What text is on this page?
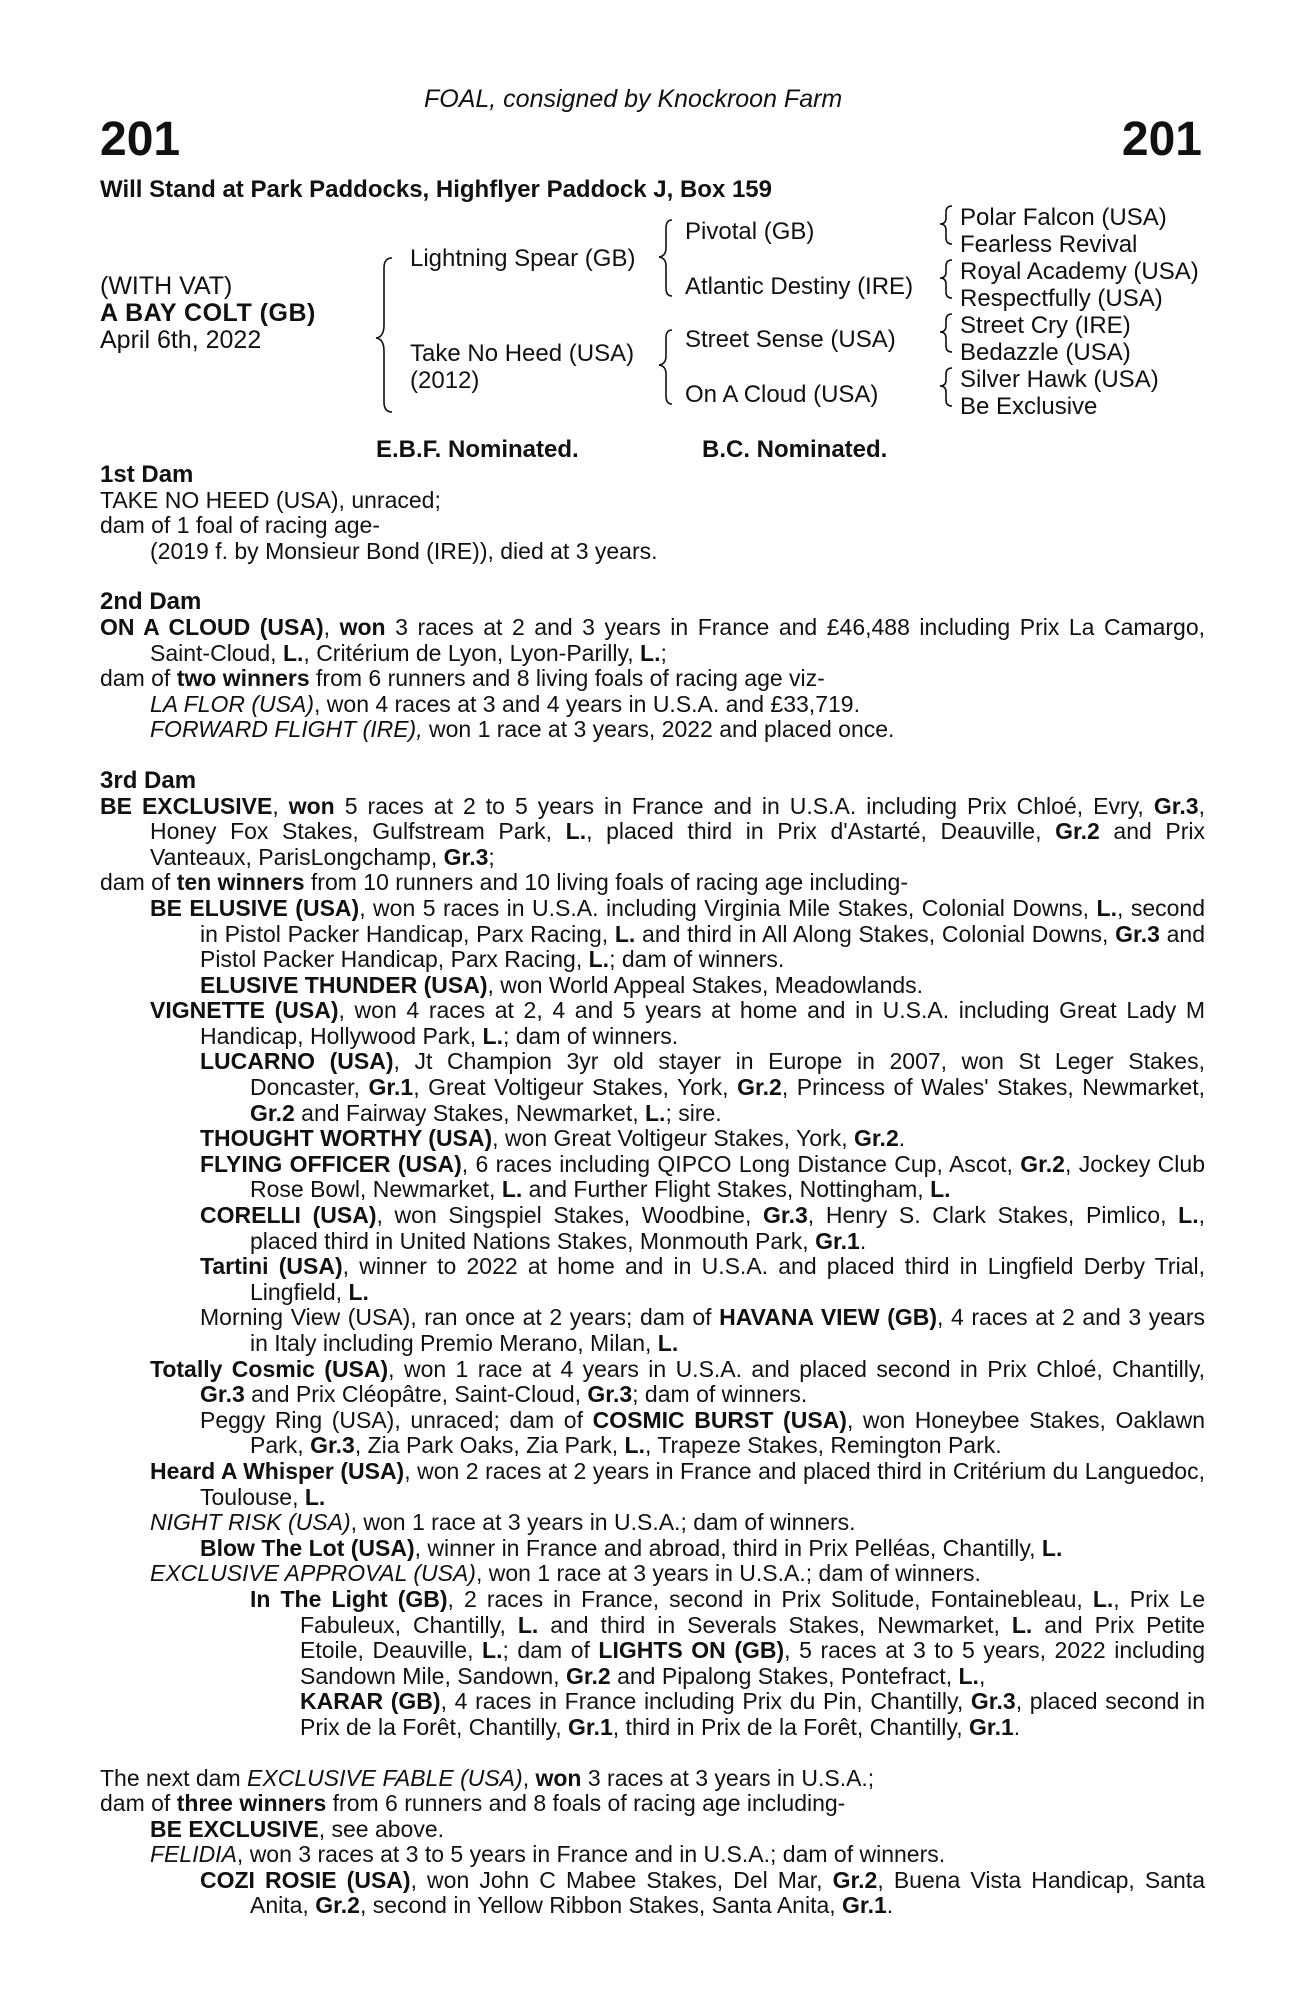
FOAL, consigned by Knockroon Farm
201	201
Will Stand at Park Paddocks, Highflyer Paddock J, Box 159
(WITH VAT)
A BAY COLT (GB)
April 6th, 2022
Lightning Spear (GB)
Take No Heed (USA)
(2012)
Pivotal (GB)
Atlantic Destiny (IRE)
Street Sense (USA)
On A Cloud (USA)
Polar Falcon (USA)
Fearless Revival
Royal Academy (USA)
Respectfully (USA)
Street Cry (IRE)
Bedazzle (USA)
Silver Hawk (USA)
Be Exclusive
E.B.F. Nominated.	B.C. Nominated.
1st Dam

TAKE NO HEED (USA), unraced;

dam of 1 foal of racing age-

(2019 f. by Monsieur Bond (IRE)), died at 3 years.

2nd Dam

ON A CLOUD (USA), won 3 races at 2 and 3 years in France and £46,488 including Prix La Camargo, Saint-Cloud, L., Critérium de Lyon, Lyon-Parilly, L.;

dam of two winners from 6 runners and 8 living foals of racing age viz-

LA FLOR (USA), won 4 races at 3 and 4 years in U.S.A. and £33,719.

FORWARD FLIGHT (IRE), won 1 race at 3 years, 2022 and placed once.

3rd Dam

BE EXCLUSIVE, won 5 races at 2 to 5 years in France and in U.S.A. including Prix Chloé, Evry, Gr.3, Honey Fox Stakes, Gulfstream Park, L., placed third in Prix d'Astarté, Deauville, Gr.2 and Prix Vanteaux, ParisLongchamp, Gr.3;

dam of ten winners from 10 runners and 10 living foals of racing age including-

BE ELUSIVE (USA), won 5 races in U.S.A. including Virginia Mile Stakes, Colonial Downs, L., second in Pistol Packer Handicap, Parx Racing, L. and third in All Along Stakes, Colonial Downs, Gr.3 and Pistol Packer Handicap, Parx Racing, L.; dam of winners.

ELUSIVE THUNDER (USA), won World Appeal Stakes, Meadowlands.

VIGNETTE (USA), won 4 races at 2, 4 and 5 years at home and in U.S.A. including Great Lady M Handicap, Hollywood Park, L.; dam of winners.

LUCARNO (USA), Jt Champion 3yr old stayer in Europe in 2007, won St Leger Stakes, Doncaster, Gr.1, Great Voltigeur Stakes, York, Gr.2, Princess of Wales' Stakes, Newmarket, Gr.2 and Fairway Stakes, Newmarket, L.; sire.

THOUGHT WORTHY (USA), won Great Voltigeur Stakes, York, Gr.2.

FLYING OFFICER (USA), 6 races including QIPCO Long Distance Cup, Ascot, Gr.2, Jockey Club Rose Bowl, Newmarket, L. and Further Flight Stakes, Nottingham, L.

CORELLI (USA), won Singspiel Stakes, Woodbine, Gr.3, Henry S. Clark Stakes, Pimlico, L., placed third in United Nations Stakes, Monmouth Park, Gr.1.

Tartini (USA), winner to 2022 at home and in U.S.A. and placed third in Lingfield Derby Trial, Lingfield, L.

Morning View (USA), ran once at 2 years; dam of HAVANA VIEW (GB), 4 races at 2 and 3 years in Italy including Premio Merano, Milan, L.

Totally Cosmic (USA), won 1 race at 4 years in U.S.A. and placed second in Prix Chloé, Chantilly, Gr.3 and Prix Cléopâtre, Saint-Cloud, Gr.3; dam of winners.

Peggy Ring (USA), unraced; dam of COSMIC BURST (USA), won Honeybee Stakes, Oaklawn Park, Gr.3, Zia Park Oaks, Zia Park, L., Trapeze Stakes, Remington Park.

Heard A Whisper (USA), won 2 races at 2 years in France and placed third in Critérium du Languedoc, Toulouse, L.

NIGHT RISK (USA), won 1 race at 3 years in U.S.A.; dam of winners.

Blow The Lot (USA), winner in France and abroad, third in Prix Pelléas, Chantilly, L.

EXCLUSIVE APPROVAL (USA), won 1 race at 3 years in U.S.A.; dam of winners.

In The Light (GB), 2 races in France, second in Prix Solitude, Fontainebleau, L., Prix Le Fabuleux, Chantilly, L. and third in Severals Stakes, Newmarket, L. and Prix Petite Etoile, Deauville, L.; dam of LIGHTS ON (GB), 5 races at 3 to 5 years, 2022 including Sandown Mile, Sandown, Gr.2 and Pipalong Stakes, Pontefract, L.,
KARAR (GB), 4 races in France including Prix du Pin, Chantilly, Gr.3, placed second in Prix de la Forêt, Chantilly, Gr.1, third in Prix de la Forêt, Chantilly, Gr.1.

The next dam EXCLUSIVE FABLE (USA), won 3 races at 3 years in U.S.A.;

dam of three winners from 6 runners and 8 foals of racing age including-

BE EXCLUSIVE, see above.

FELIDIA, won 3 races at 3 to 5 years in France and in U.S.A.; dam of winners.

COZI ROSIE (USA), won John C Mabee Stakes, Del Mar, Gr.2, Buena Vista Handicap, Santa Anita, Gr.2, second in Yellow Ribbon Stakes, Santa Anita, Gr.1.
